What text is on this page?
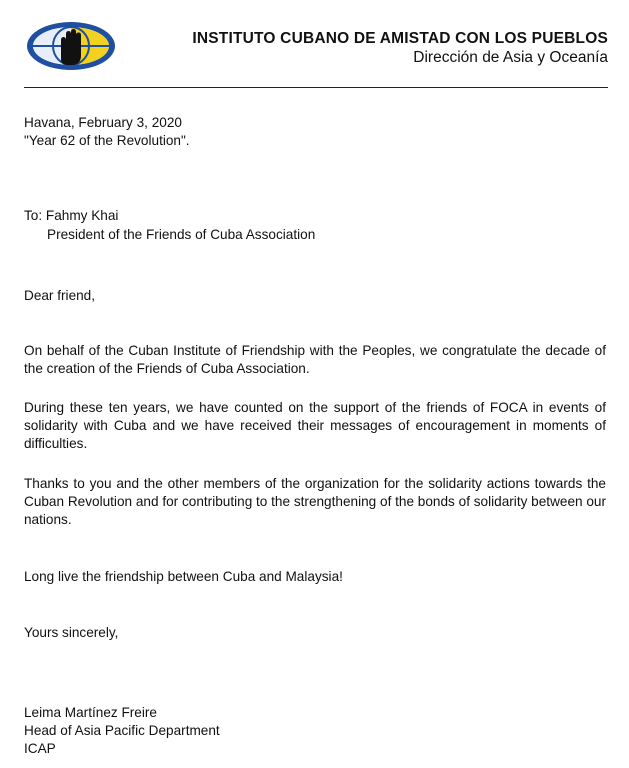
INSTITUTO CUBANO DE AMISTAD CON LOS PUEBLOS
Dirección de Asia y Oceanía
Havana, February 3, 2020
"Year 62 of the Revolution".
To: Fahmy Khai
President of the Friends of Cuba Association
Dear friend,

On behalf of the Cuban Institute of Friendship with the Peoples, we congratulate the decade of the creation of the Friends of Cuba Association.

During these ten years, we have counted on the support of the friends of FOCA in events of solidarity with Cuba and we have received their messages of encouragement in moments of difficulties.

Thanks to you and the other members of the organization for the solidarity actions towards the Cuban Revolution and for contributing to the strengthening of the bonds of solidarity between our nations.

Long live the friendship between Cuba and Malaysia!

Yours sincerely,
Leima Martínez Freire
Head of Asia Pacific Department
ICAP
